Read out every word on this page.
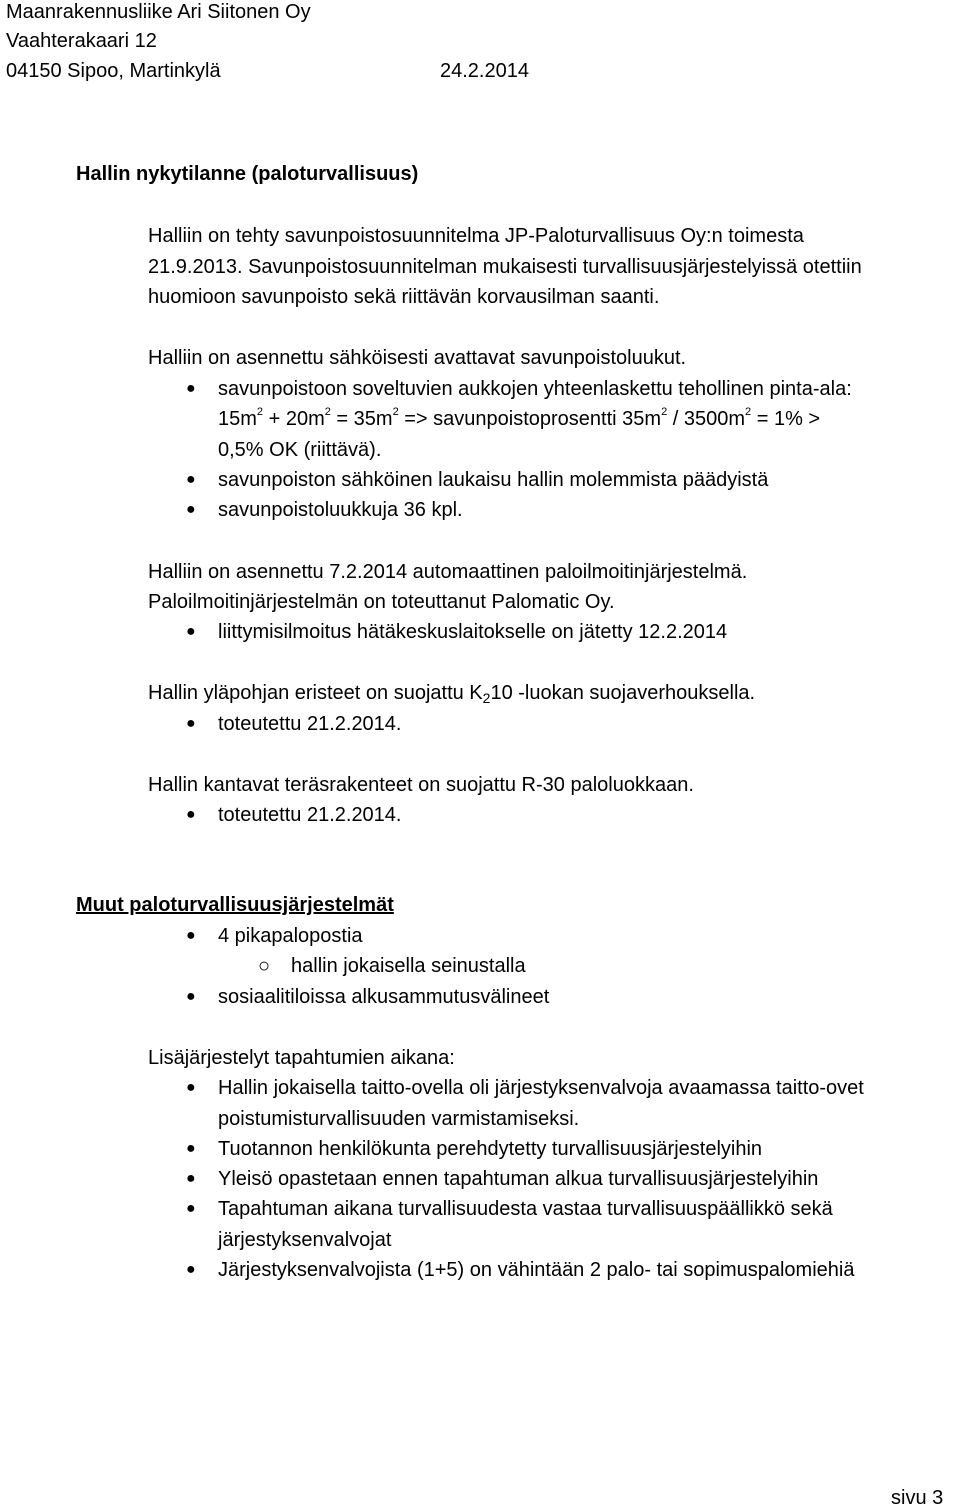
Maanrakennusliike Ari Siitonen Oy
Vaahterakaari 12
04150 Sipoo, Martinkylä	24.2.2014
Hallin nykytilanne (paloturvallisuus)
Halliin on tehty savunpoistosuunnitelma JP-Paloturvallisuus Oy:n toimesta
21.9.2013. Savunpoistosuunnitelman mukaisesti turvallisuusjärjestelyissä otettiin
huomioon savunpoisto sekä riittävän korvausilman saanti.
Halliin on asennettu sähköisesti avattavat savunpoistoluukut.
● savunpoistoon soveltuvien aukkojen yhteenlaskettu tehollinen pinta-ala:
$15m^2 + 20m^2 = 35m^2$ => savunpoistoprosentti $35m^2 / 3500m^2 = 1\%$ >
0,5% OK (riittävä).
● savunpoiston sähköinen laukaisu hallin molemmista päädyistä
● savunpoistoluukkuja 36 kpl.
Halliin on asennettu 7.2.2014 automaattinen paloilmoitinjärjestelmä.
Paloilmoitinjärjestelmän on toteuttanut Palomatic Oy.
● liittymisilmoitus hätäkeskuslaitokselle on jätetty 12.2.2014
Hallin yläpohjan eristeet on suojattu $K_210$ -luokan suojaverhouksella.
● toteutettu 21.2.2014.
Hallin kantavat teräsrakenteet on suojattu R-30 paloluokkaan.
● toteutettu 21.2.2014.
Muut paloturvallisuusjärjestelmät
● 4 pikapalopostia
○ hallin jokaisella seinustalla
● sosiaalitiloissa alkusammutusvälineet
Lisäjärjestelyt tapahtumien aikana:
● Hallin jokaisella taitto-ovella oli järjestyksenvalvoja avaamassa taitto-ovet
poistumisturvallisuuden varmistamiseksi.
● Tuotannon henkilökunta perehdytetty turvallisuusjärjestelyihin
● Yleisö opastetaan ennen tapahtuman alkua turvallisuusjärjestelyihin
● Tapahtuman aikana turvallisuudesta vastaa turvallisuuspäällikkö sekä
järjestyksenvalvojat
● Järjestyksenvalvojista (1+5) on vähintään 2 palo- tai sopimuspalomiehiä
sivu 3
